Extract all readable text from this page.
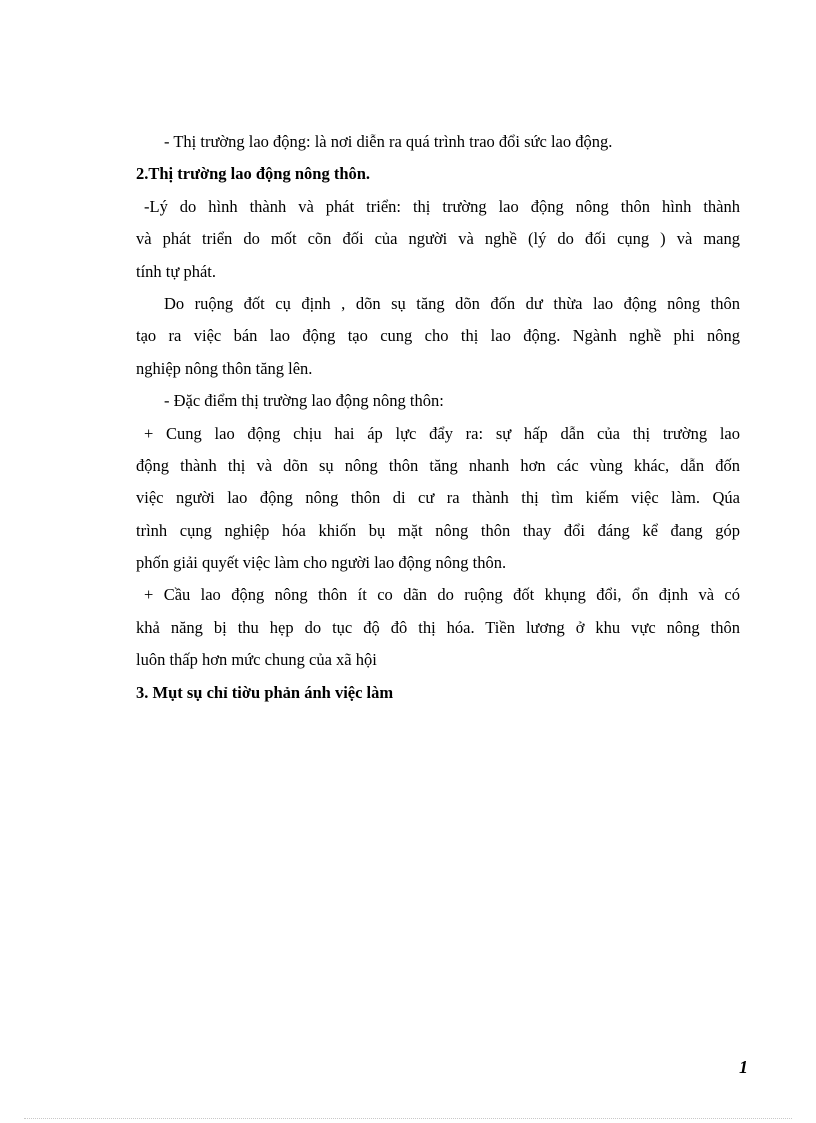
- Thị trường lao động: là nơi diễn ra quá trình trao đổi sức lao động.
2.Thị trường lao động nông thôn.
-Lý do hình thành và phát triển: thị trường lao động nông thôn hình thành
và phát triển do mốt cõn đối của người và nghề (lý do đối cụng ) và mang
tính tự phát.
Do ruộng đốt cụ định , dõn sụ tăng dõn đốn dư thừa lao động nông thôn
tạo ra việc bán lao động tạo cung cho thị lao động. Ngành nghề phi nông
nghiệp nông thôn tăng lên.
- Đặc điểm thị trường lao động nông thôn:
+ Cung lao động chịu hai áp lực đẩy ra: sự hấp dẫn của thị trường lao
động thành thị và dõn sụ nông thôn tăng nhanh hơn các vùng khác, dẫn đốn
việc người lao động nông thôn di cư ra thành thị tìm kiếm việc làm. Qúa
trình cụng nghiệp hóa khiốn bụ mặt nông thôn thay đổi đáng kể đang góp
phốn giải quyết việc làm cho người lao động nông thôn.
+ Cầu lao động nông thôn ít co dãn do ruộng đốt khụng đổi, ổn định và có
khả năng bị thu hẹp do tục độ đô thị hóa. Tiền lương ở khu vực nông thôn
luôn thấp hơn mức chung của xã hội
3. Mụt sụ chỉ tiờu phản ánh việc làm
1
